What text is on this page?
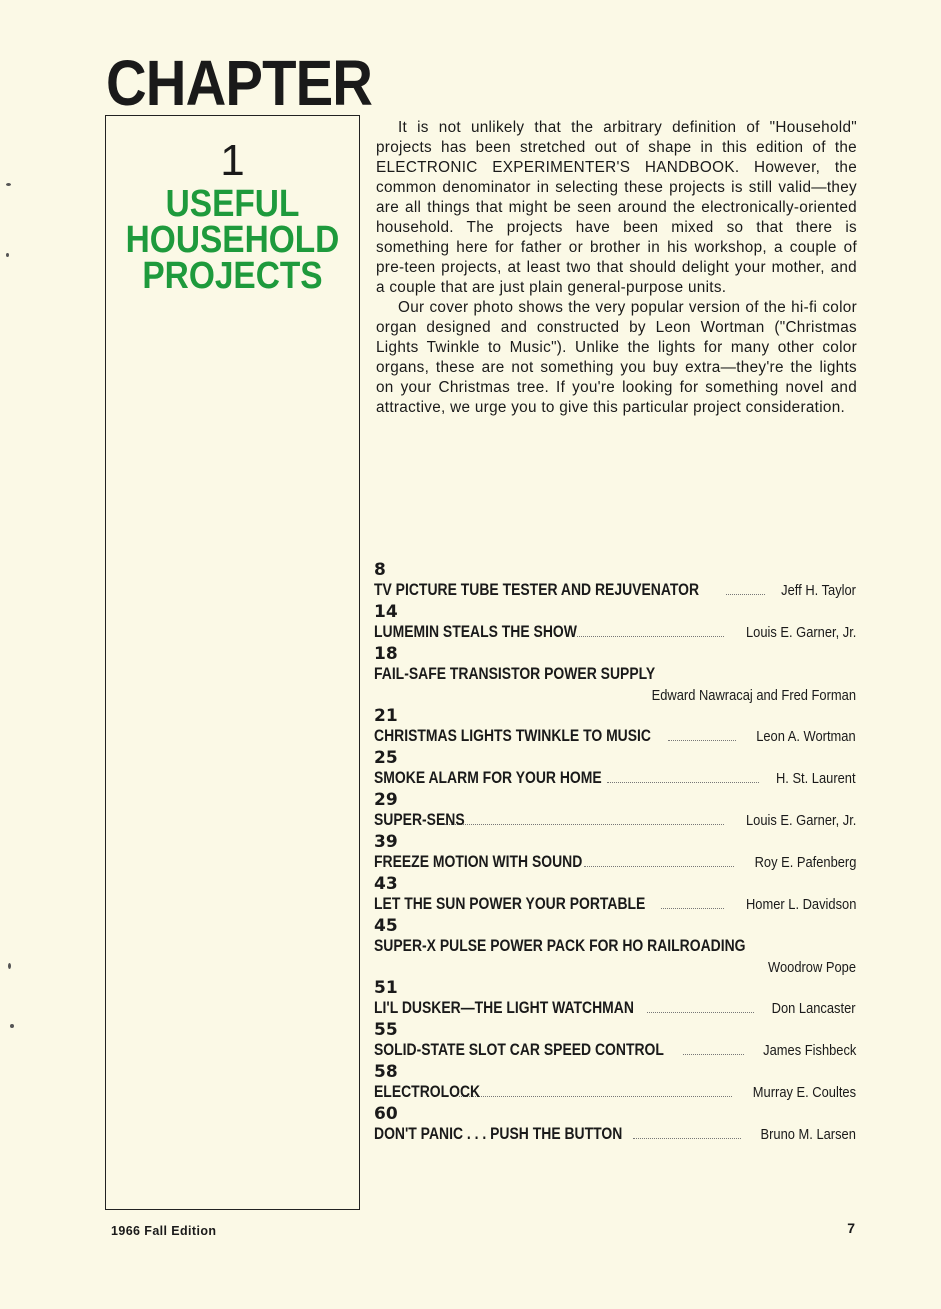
CHAPTER
1
USEFUL
HOUSEHOLD
PROJECTS

It is not unlikely that the arbitrary definition of "Household" projects has been stretched out of shape in this edition of the ELECTRONIC EXPERIMENTER'S HANDBOOK. However, the common denominator in selecting these projects is still valid—they are all things that might be seen around the electronically-oriented household. The projects have been mixed so that there is something here for father or brother in his workshop, a couple of pre-teen projects, at least two that should delight your mother, and a couple that are just plain general-purpose units.

Our cover photo shows the very popular version of the hi-fi color organ designed and constructed by Leon Wortman ("Christmas Lights Twinkle to Music"). Unlike the lights for many other color organs, these are not something you buy extra—they're the lights on your Christmas tree. If you're looking for something novel and attractive, we urge you to give this particular project consideration.

8
TV PICTURE TUBE TESTER AND REJUVENATOR	Jeff H. Taylor
14
LUMEMIN STEALS THE SHOW	Louis E. Garner, Jr.
18
FAIL-SAFE TRANSISTOR POWER SUPPLY
Edward Nawracaj and Fred Forman
21
CHRISTMAS LIGHTS TWINKLE TO MUSIC	Leon A. Wortman
25
SMOKE ALARM FOR YOUR HOME	H. St. Laurent
29
SUPER-SENS	Louis E. Garner, Jr.
39
FREEZE MOTION WITH SOUND	Roy E. Pafenberg
43
LET THE SUN POWER YOUR PORTABLE	Homer L. Davidson
45
SUPER-X PULSE POWER PACK FOR HO RAILROADING
Woodrow Pope
51
LI'L DUSKER—THE LIGHT WATCHMAN	Don Lancaster
55
SOLID-STATE SLOT CAR SPEED CONTROL	James Fishbeck
58
ELECTROLOCK	Murray E. Coultes
60
DON'T PANIC . . . PUSH THE BUTTON	Bruno M. Larsen
1966 Fall Edition	7
